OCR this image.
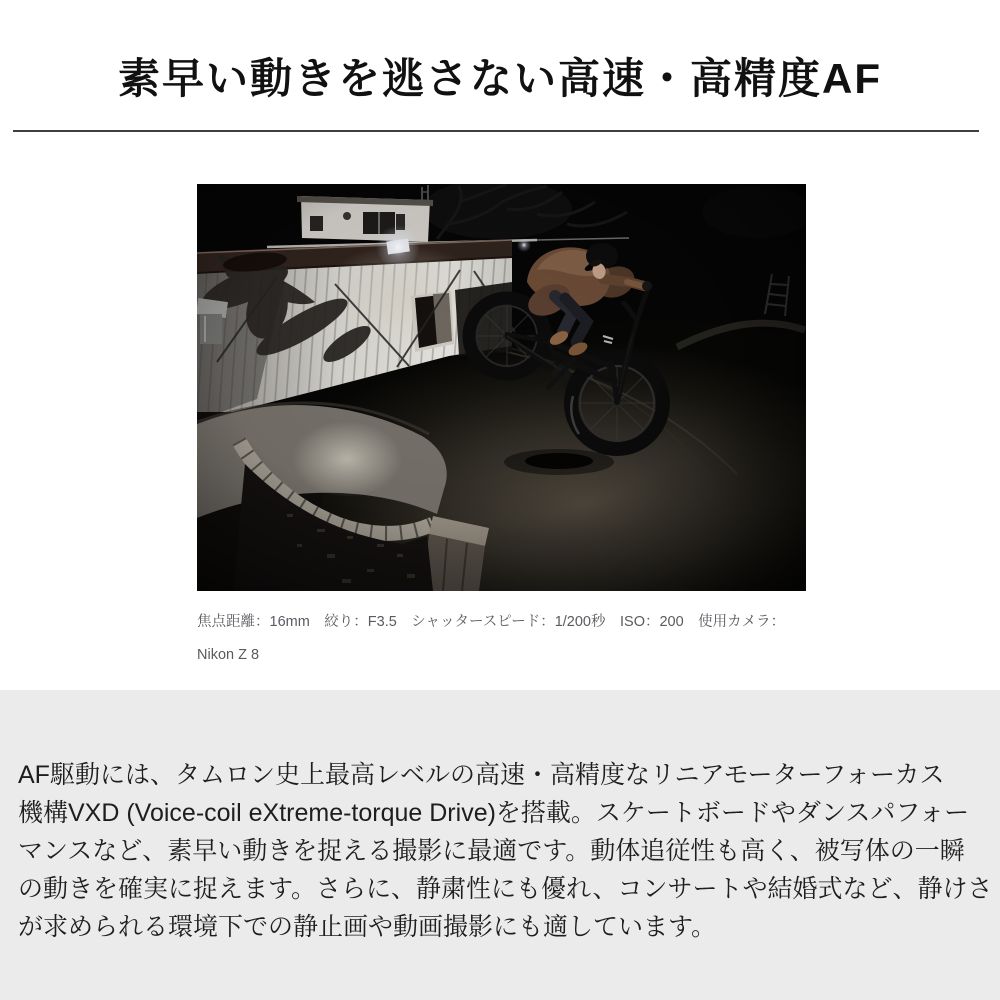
素早い動きを逃さない高速・高精度AF
焦点距離：16mm　絞り：F3.5　シャッタースピード：1/200秒　ISO：200　使用カメラ：
Nikon Z 8
AF駆動には、タムロン史上最高レベルの高速・高精度なリニアモーターフォーカス
機構VXD (Voice-coil eXtreme-torque Drive)を搭載。スケートボードやダンスパフォー
マンスなど、素早い動きを捉える撮影に最適です。動体追従性も高く、被写体の一瞬
の動きを確実に捉えます。さらに、静粛性にも優れ、コンサートや結婚式など、静けさ
が求められる環境下での静止画や動画撮影にも適しています。
